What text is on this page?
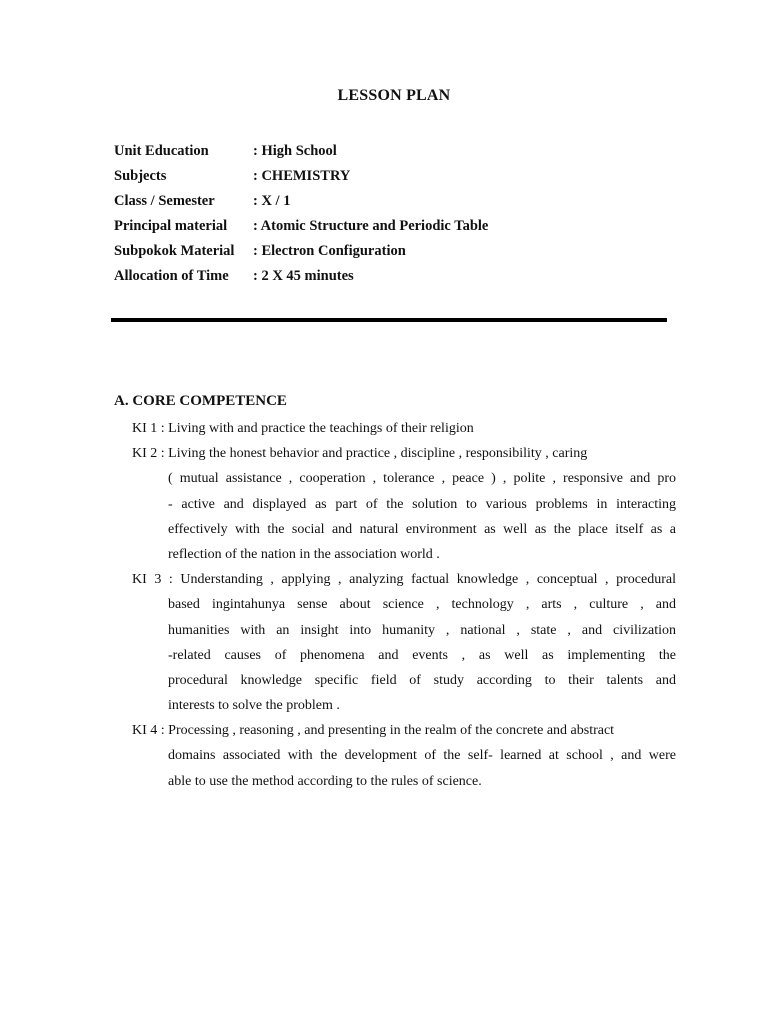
LESSON PLAN
Unit Education	: High School
Subjects	: CHEMISTRY
Class / Semester	: X / 1
Principal material : Atomic Structure and Periodic Table
Subpokok Material : Electron Configuration
Allocation of Time : 2 X 45 minutes
A. CORE COMPETENCE
KI 1 : Living with and practice the teachings of their religion
KI 2 : Living the honest behavior and practice , discipline , responsibility , caring
( mutual assistance , cooperation , tolerance , peace ) , polite , responsive and pro
- active and displayed as part of the solution to various problems in interacting
effectively with the social and natural environment as well as the place itself as a
reflection of the nation in the association world .
KI 3 : Understanding , applying , analyzing factual knowledge , conceptual , procedural
based ingintahunya sense about science , technology , arts , culture , and
humanities with an insight into humanity , national , state , and civilization
-related causes of phenomena and events , as well as implementing the
procedural knowledge specific field of study according to their talents and
interests to solve the problem .
KI 4 : Processing , reasoning , and presenting in the realm of the concrete and abstract
domains associated with the development of the self- learned at school , and were
able to use the method according to the rules of science.
